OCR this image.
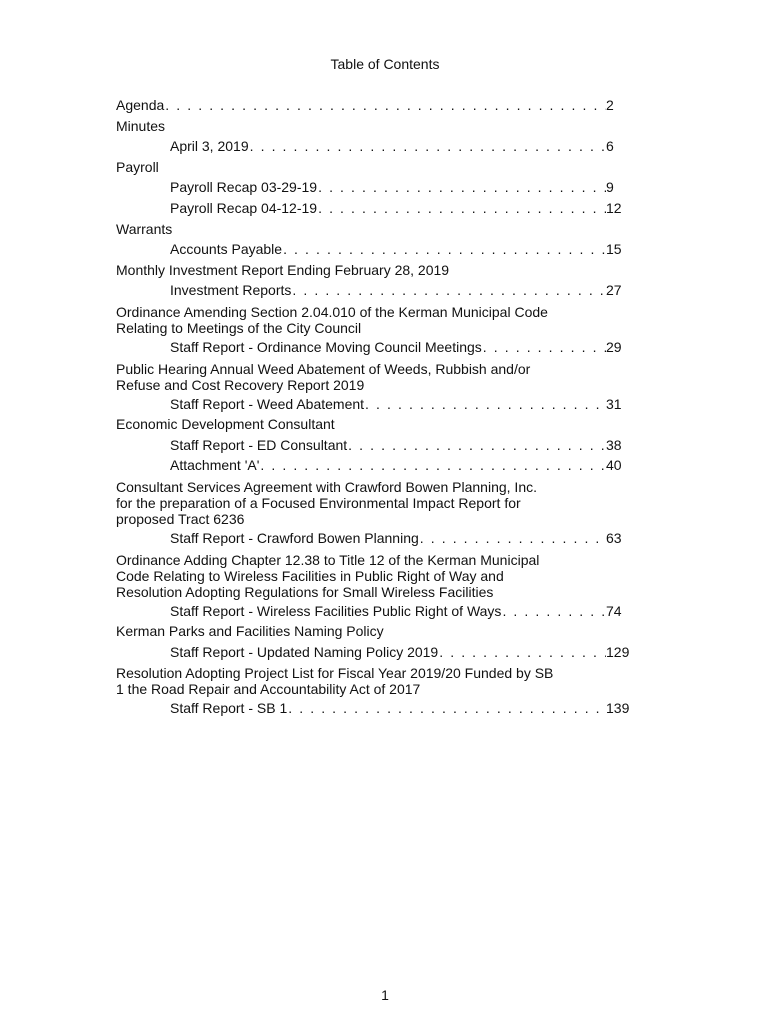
Table of Contents
Agenda . . .	2
Minutes
April 3, 2019 . . .	6
Payroll
Payroll Recap 03-29-19 . . .	9
Payroll Recap 04-12-19 . . .	12
Warrants
Accounts Payable . . .	15
Monthly Investment Report Ending February 28, 2019
Investment Reports . . .	27
Ordinance Amending Section 2.04.010 of the Kerman Municipal Code Relating to Meetings of the City Council
Staff Report - Ordinance Moving Council Meetings . . .	29
Public Hearing Annual Weed Abatement of Weeds, Rubbish and/or Refuse and Cost Recovery Report 2019
Staff Report - Weed Abatement . . .	31
Economic Development Consultant
Staff Report - ED Consultant . . .	38
Attachment 'A' . . .	40
Consultant Services Agreement with Crawford Bowen Planning, Inc. for the preparation of a Focused Environmental Impact Report for proposed Tract 6236
Staff Report - Crawford Bowen Planning . . .	63
Ordinance Adding Chapter 12.38 to Title 12 of the Kerman Municipal Code Relating to Wireless Facilities in Public Right of Way and Resolution Adopting Regulations for Small Wireless Facilities
Staff Report - Wireless Facilities Public Right of Ways . . .	74
Kerman Parks and Facilities Naming Policy
Staff Report - Updated Naming Policy 2019 . . .	129
Resolution Adopting Project List for Fiscal Year 2019/20 Funded by SB 1 the Road Repair and Accountability Act of 2017
Staff Report - SB 1 . . .	139
1
